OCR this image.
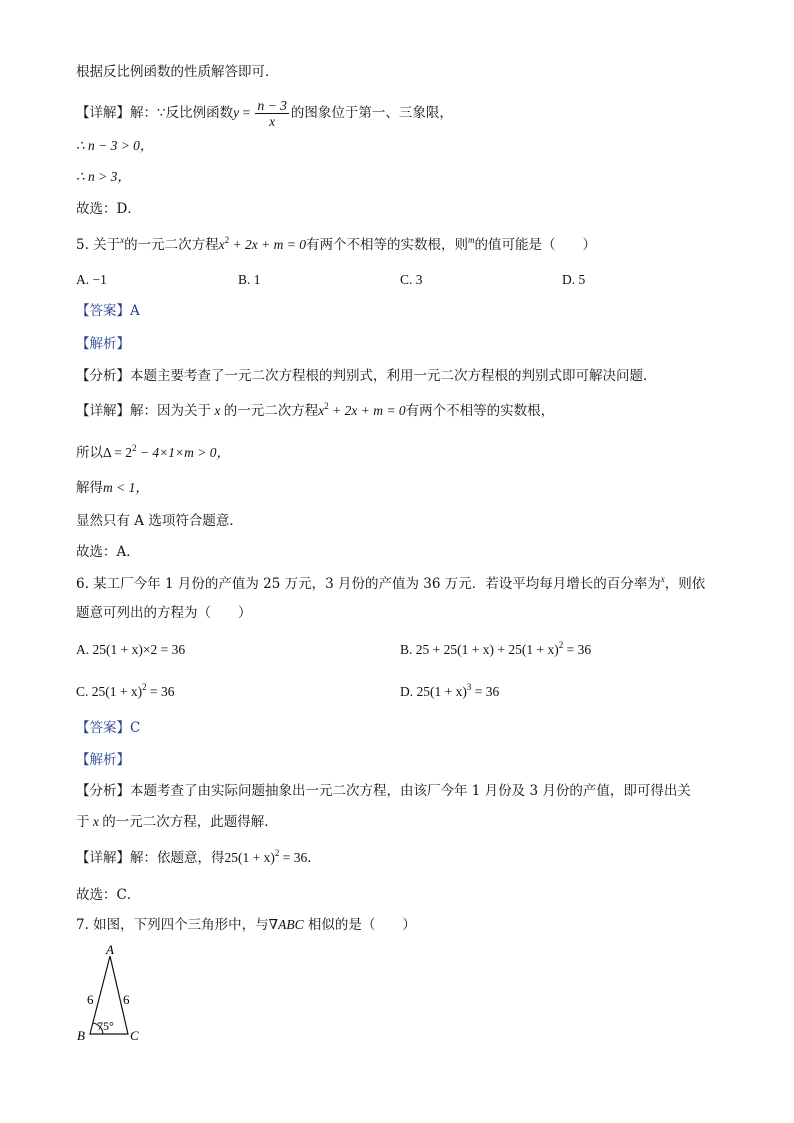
根据反比例函数的性质解答即可．
【详解】解：∵反比例函数$y = \frac{n - 3}{x}$ 的图象位于第一、三象限，
∴ n − 3 > 0，
∴ n > 3，
故选：D．
5. 关于$^x$的一元二次方程$x^2 + 2x + m = 0$有两个不相等的实数根，则$^m$的值可能是（　　）
A. −1	B. 1	C. 3	D. 5
【答案】A
【解析】
【分析】本题主要考查了一元二次方程根的判别式，利用一元二次方程根的判别式即可解决问题．
【详解】解：因为关于 x 的一元二次方程$x^2 + 2x + m = 0$有两个不相等的实数根，
所以$\Delta = 2^2 - 4\times 1\times m > 0$，
解得m < 1，
显然只有 A 选项符合题意．
故选：A．
6. 某工厂今年 1 月份的产值为 25 万元，3 月份的产值为 36 万元．若设平均每月增长的百分率为$^x$，则依
题意可列出的方程为（　　）
A. 25(1 + x)×2 = 36	B. $25 + 25(1 + x) + 25(1 + x)^2 = 36$
C. $25(1 + x)^2 = 36$	D. $25(1 + x)^3 = 36$
【答案】C
【解析】
【分析】本题考查了由实际问题抽象出一元二次方程，由该厂今年 1 月份及 3 月份的产值，即可得出关
于 x 的一元二次方程，此题得解．
【详解】解：依题意，得$25(1 + x)^2 = 36$．
故选：C．
7. 如图，下列四个三角形中，与∇ABC 相似的是（　　）
A
B	C
6 6
75°
